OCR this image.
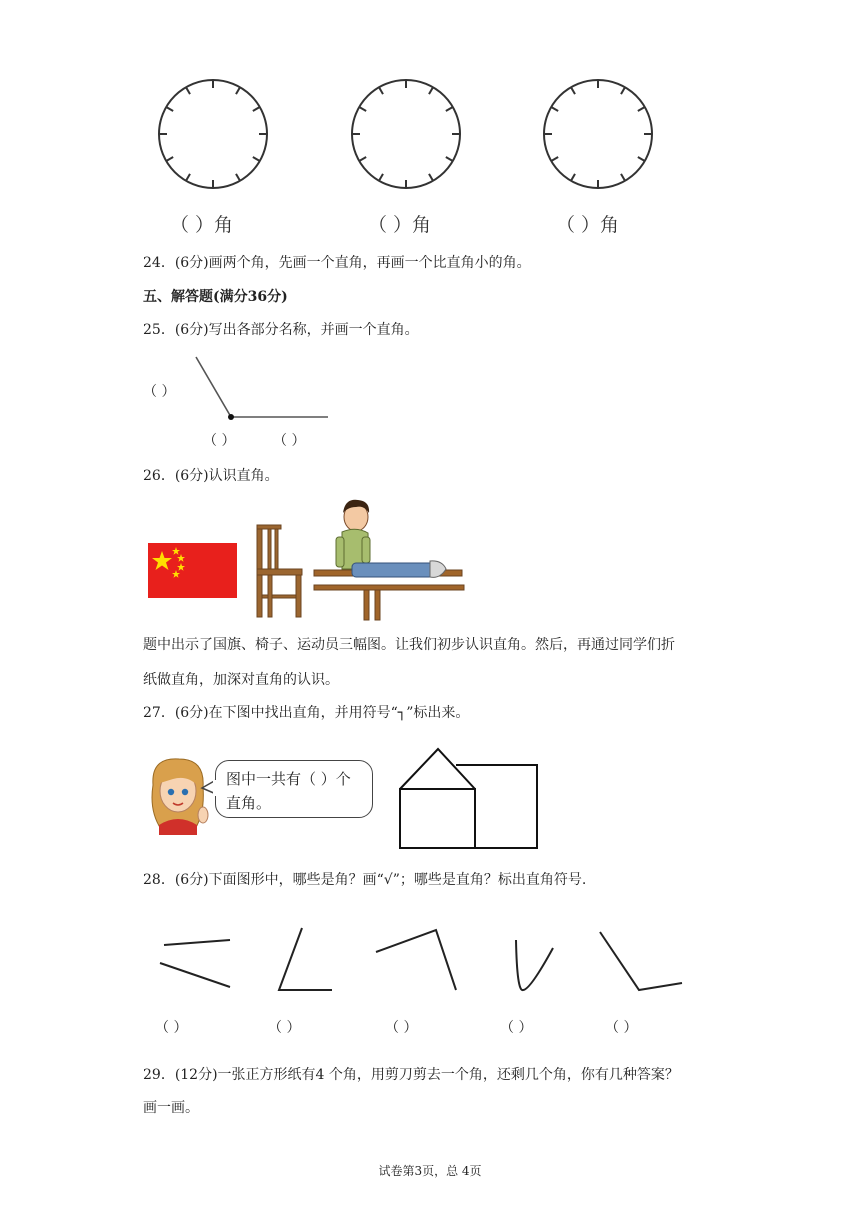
（ ）角	（ ）角	（ ）角
24．(6分)画两个角，先画一个直角，再画一个比直角小的角。
五、解答题(满分36分)
25．(6分)写出各部分名称，并画一个直角。
（ ）
（ ）	（ ）
26．(6分)认识直角。
题中出示了国旗、椅子、运动员三幅图。让我们初步认识直角。然后，再通过同学们折
纸做直角，加深对直角的认识。
27．(6分)在下图中找出直角，并用符号“┐”标出来。
图中一共有（ ）个
直角。
28．(6分)下面图形中，哪些是角？画“√”；哪些是直角？标出直角符号.
（ ）	（ ）	（ ）	（ ）	（ ）
29．(12分)一张正方形纸有4 个角，用剪刀剪去一个角，还剩几个角，你有几种答案？
画一画。
试卷第3页，总 4页
